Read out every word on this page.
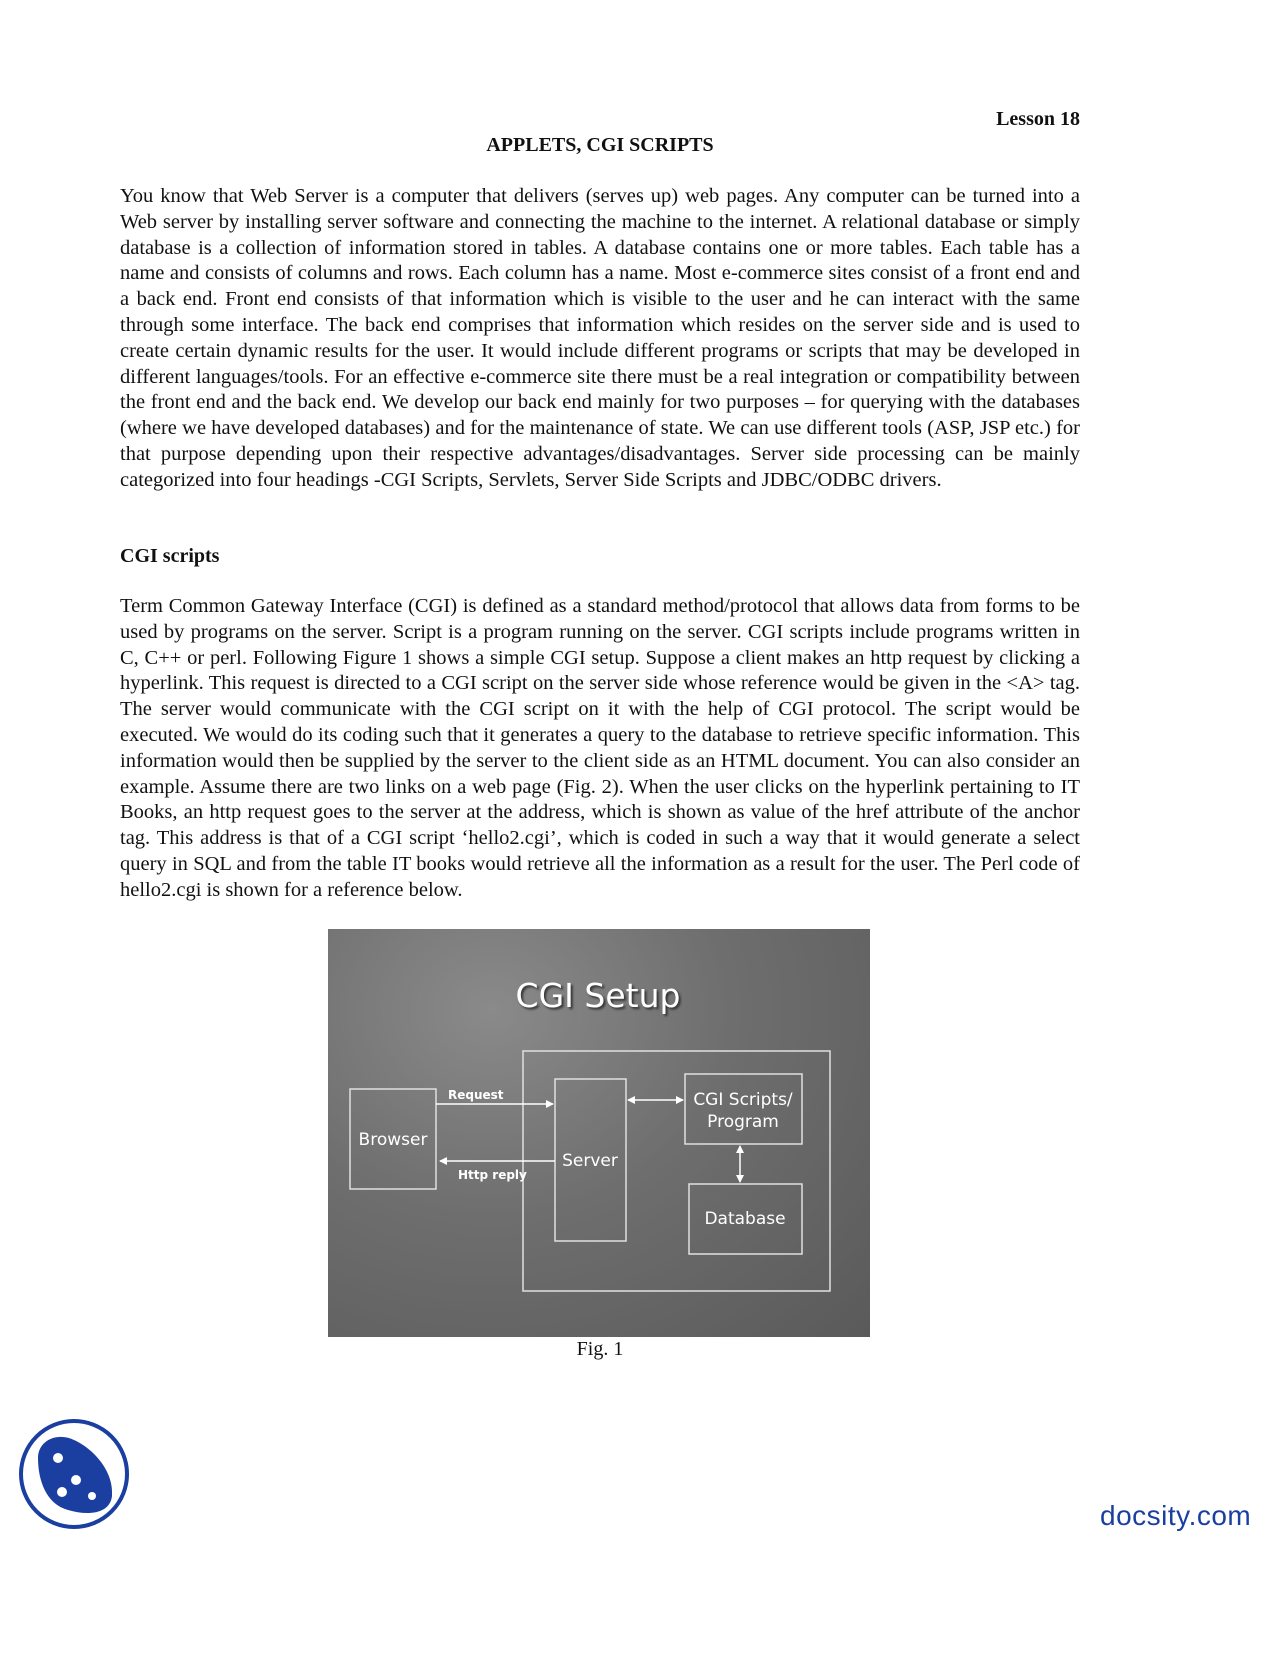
Lesson 18
APPLETS, CGI SCRIPTS

You know that Web Server is a computer that delivers (serves up) web pages. Any computer can be turned into a Web server by installing server software and connecting the machine to the internet. A relational database or simply database is a collection of information stored in tables. A database contains one or more tables. Each table has a name and consists of columns and rows. Each column has a name. Most e-commerce sites consist of a front end and a back end. Front end consists of that information which is visible to the user and he can interact with the same through some interface. The back end comprises that information which resides on the server side and is used to create certain dynamic results for the user. It would include different programs or scripts that may be developed in different languages/tools. For an effective e-commerce site there must be a real integration or compatibility between the front end and the back end. We develop our back end mainly for two purposes – for querying with the databases (where we have developed databases) and for the maintenance of state. We can use different tools (ASP, JSP etc.) for that purpose depending upon their respective advantages/disadvantages. Server side processing can be mainly categorized into four headings -CGI Scripts, Servlets, Server Side Scripts and JDBC/ODBC drivers.

CGI scripts

Term Common Gateway Interface (CGI) is defined as a standard method/protocol that allows data from forms to be used by programs on the server. Script is a program running on the server. CGI scripts include programs written in C, C++ or perl. Following Figure 1 shows a simple CGI setup. Suppose a client makes an http request by clicking a hyperlink. This request is directed to a CGI script on the server side whose reference would be given in the <A> tag. The server would communicate with the CGI script on it with the help of CGI protocol. The script would be executed. We would do its coding such that it generates a query to the database to retrieve specific information. This information would then be supplied by the server to the client side as an HTML document. You can also consider an example. Assume there are two links on a web page (Fig. 2). When the user clicks on the hyperlink pertaining to IT Books, an http request goes to the server at the address, which is shown as value of the href attribute of the anchor tag. This address is that of a CGI script ‘hello2.cgi’, which is coded in such a way that it would generate a select query in SQL and from the table IT books would retrieve all the information as a result for the user. The Perl code of hello2.cgi is shown for a reference below.

CGI Setup
Browser
Server
CGI Scripts/
Program
Database
Request
Http reply
Fig. 1
docsity.com
